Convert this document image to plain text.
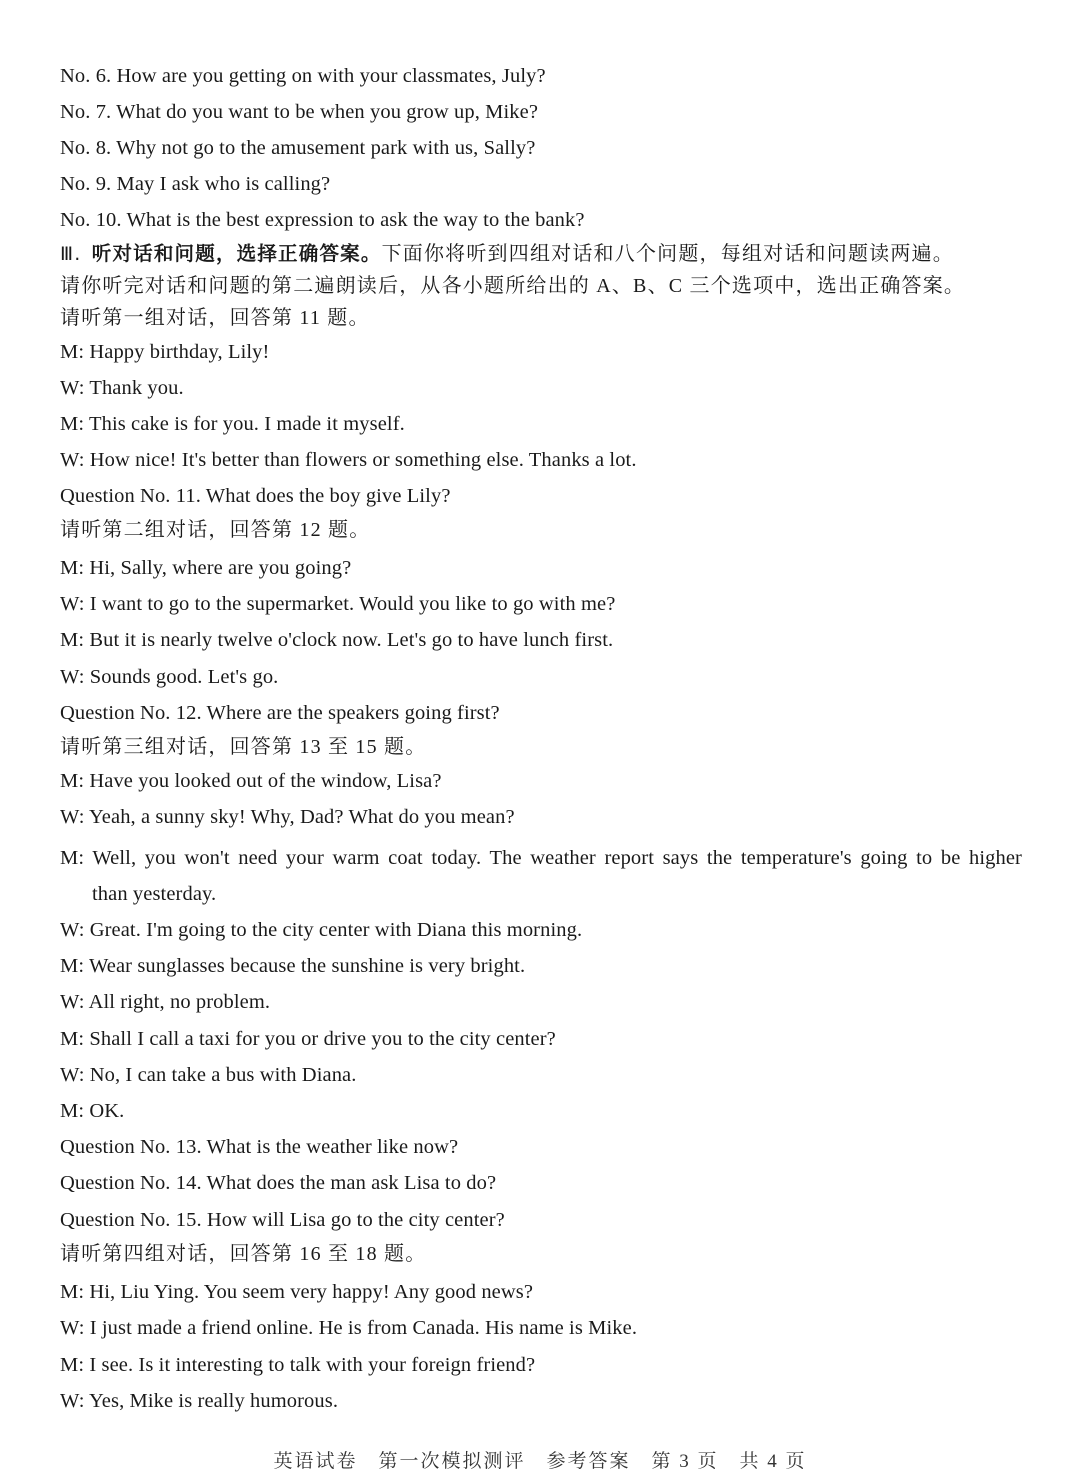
No. 6. How are you getting on with your classmates, July?
No. 7. What do you want to be when you grow up, Mike?
No. 8. Why not go to the amusement park with us, Sally?
No. 9. May I ask who is calling?
No. 10. What is the best expression to ask the way to the bank?
Ⅲ. 听对话和问题，选择正确答案。下面你将听到四组对话和八个问题，每组对话和问题读两遍。
请你听完对话和问题的第二遍朗读后，从各小题所给出的 A、B、C 三个选项中，选出正确答案。
请听第一组对话，回答第 11 题。
M: Happy birthday, Lily!
W: Thank you.
M: This cake is for you. I made it myself.
W: How nice! It's better than flowers or something else. Thanks a lot.
Question No. 11. What does the boy give Lily?
请听第二组对话，回答第 12 题。
M: Hi, Sally, where are you going?
W: I want to go to the supermarket. Would you like to go with me?
M: But it is nearly twelve o'clock now. Let's go to have lunch first.
W: Sounds good. Let's go.
Question No. 12. Where are the speakers going first?
请听第三组对话，回答第 13 至 15 题。
M: Have you looked out of the window, Lisa?
W: Yeah, a sunny sky! Why, Dad? What do you mean?
M: Well, you won't need your warm coat today. The weather report says the temperature's going to be higher
than yesterday.
W: Great. I'm going to the city center with Diana this morning.
M: Wear sunglasses because the sunshine is very bright.
W: All right, no problem.
M: Shall I call a taxi for you or drive you to the city center?
W: No, I can take a bus with Diana.
M: OK.
Question No. 13. What is the weather like now?
Question No. 14. What does the man ask Lisa to do?
Question No. 15. How will Lisa go to the city center?
请听第四组对话，回答第 16 至 18 题。
M: Hi, Liu Ying. You seem very happy! Any good news?
W: I just made a friend online. He is from Canada. His name is Mike.
M: I see. Is it interesting to talk with your foreign friend?
W: Yes, Mike is really humorous.
英语试卷　第一次模拟测评　参考答案　第 3 页　共 4 页
